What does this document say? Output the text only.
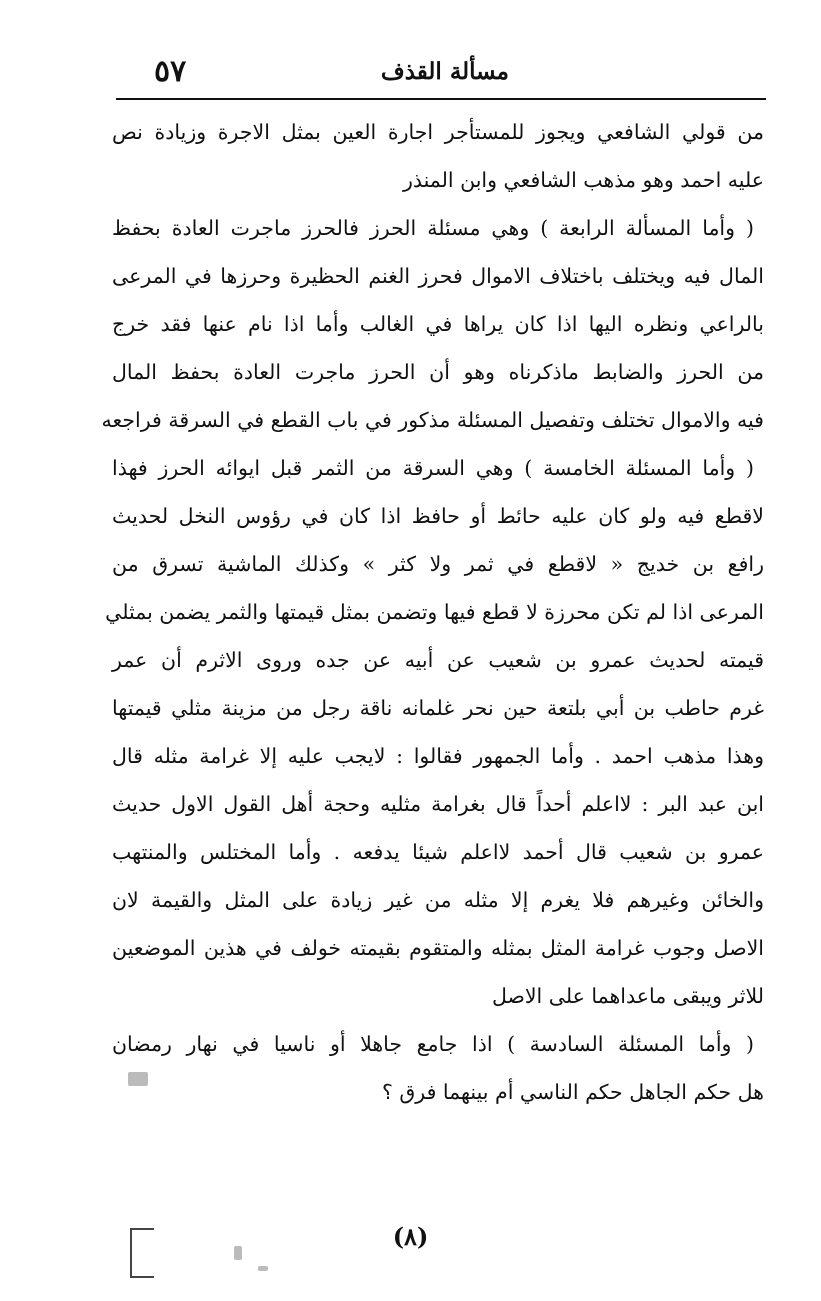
مسألة القذف
٥٧
من قولي الشافعي ويجوز للمستأجر اجارة العين بمثل الاجرة وزيادة نص
عليه احمد وهو مذهب الشافعي وابن المنذر
( وأما المسألة الرابعة ) وهي مسئلة الحرز فالحرز ماجرت العادة بحفظ
المال فيه ويختلف باختلاف الاموال فحرز الغنم الحظيرة وحرزها في المرعى
بالراعي ونظره اليها اذا كان يراها في الغالب وأما اذا نام عنها فقد خرج
من الحرز والضابط ماذكرناه وهو أن الحرز ماجرت العادة بحفظ المال
فيه والاموال تختلف وتفصيل المسئلة مذكور في باب القطع في السرقة فراجعه
( وأما المسئلة الخامسة ) وهي السرقة من الثمر قبل ايوائه الحرز فهذا
لاقطع فيه ولو كان عليه حائط أو حافظ اذا كان في رؤوس النخل لحديث
رافع بن خديج « لاقطع في ثمر ولا كثر » وكذلك الماشية تسرق من
المرعى اذا لم تكن محرزة لا قطع فيها وتضمن بمثل قيمتها والثمر يضمن بمثلي
قيمته لحديث عمرو بن شعيب عن أبيه عن جده وروى الاثرم أن عمر
غرم حاطب بن أبي بلتعة حين نحر غلمانه ناقة رجل من مزينة مثلي قيمتها
وهذا مذهب احمد . وأما الجمهور فقالوا : لايجب عليه إلا غرامة مثله قال
ابن عبد البر : لااعلم أحداً قال بغرامة مثليه وحجة أهل القول الاول حديث
عمرو بن شعيب قال أحمد لااعلم شيئا يدفعه . وأما المختلس والمنتهب
والخائن وغيرهم فلا يغرم إلا مثله من غير زيادة على المثل والقيمة لان
الاصل وجوب غرامة المثل بمثله والمتقوم بقيمته خولف في هذين الموضعين
للاثر ويبقى ماعداهما على الاصل
( وأما المسئلة السادسة ) اذا جامع جاهلا أو ناسيا في نهار رمضان
هل حكم الجاهل حكم الناسي أم بينهما فرق ؟
(٨)
